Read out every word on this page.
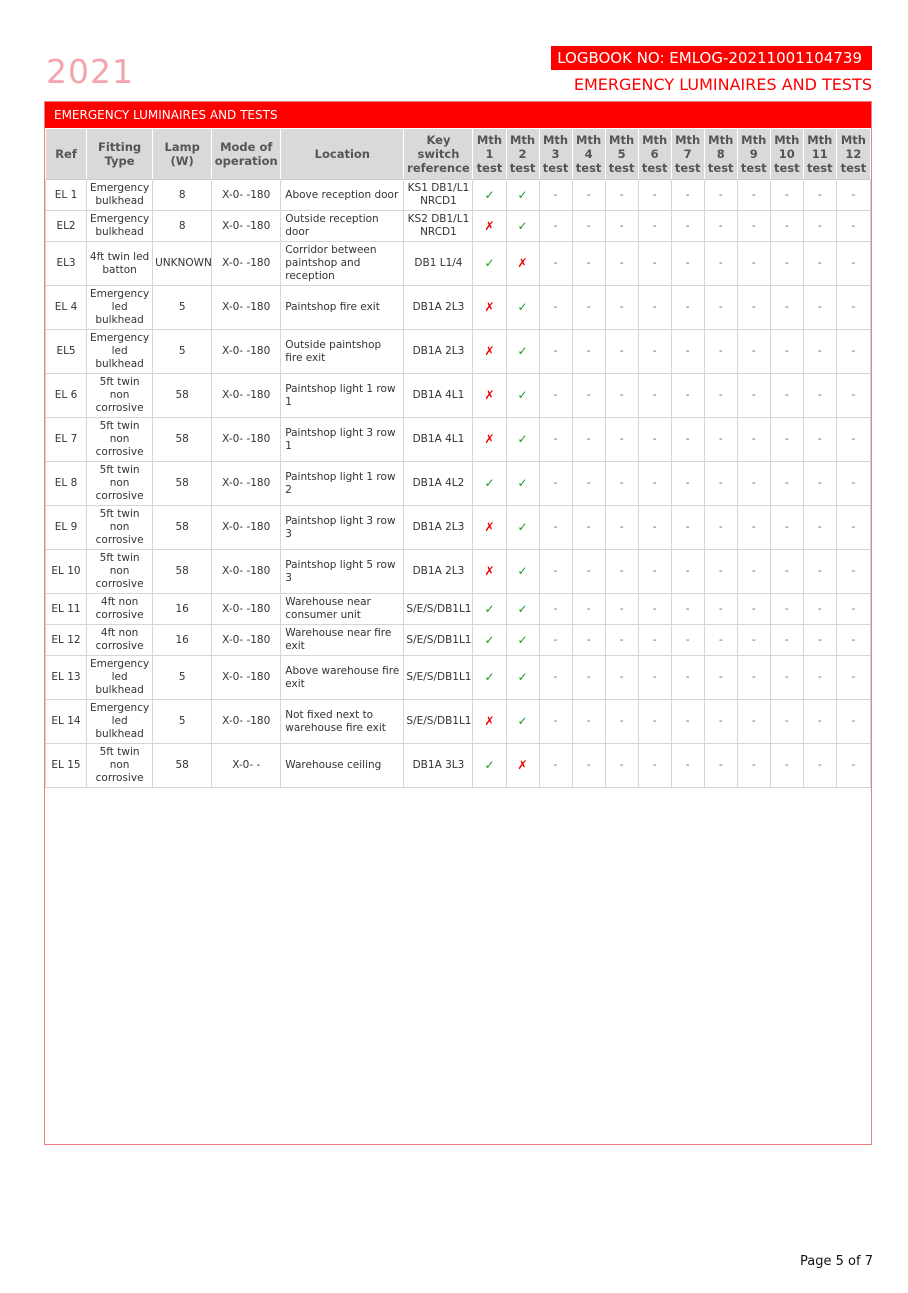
2021	LOGBOOK NO: EMLOG-20211001104739
EMERGENCY LUMINAIRES AND TESTS
EMERGENCY LUMINAIRES AND TESTS
Ref	Fitting Type	Lamp (W)	Mode of operation	Location	Key switch reference	Mth 1 test	Mth 2 test	Mth 3 test	Mth 4 test	Mth 5 test	Mth 6 test	Mth 7 test	Mth 8 test	Mth 9 test	Mth 10 test	Mth 11 test	Mth 12 test
EL 1	Emergency bulkhead	8	X-0- -180	Above reception door	KS1 DB1/L1 NRCD1	✓	✓	-	-	-	-	-	-	-	-	-	-
EL2	Emergency bulkhead	8	X-0- -180	Outside reception door	KS2 DB1/L1 NRCD1	✗	✓	-	-	-	-	-	-	-	-	-	-
EL3	4ft twin led batton	UNKNOWN	X-0- -180	Corridor between paintshop and reception	DB1 L1/4	✓	✗	-	-	-	-	-	-	-	-	-	-
EL 4	Emergency led bulkhead	5	X-0- -180	Paintshop fire exit	DB1A 2L3	✗	✓	-	-	-	-	-	-	-	-	-	-
EL5	Emergency led bulkhead	5	X-0- -180	Outside paintshop fire exit	DB1A 2L3	✗	✓	-	-	-	-	-	-	-	-	-	-
EL 6	5ft twin non corrosive	58	X-0- -180	Paintshop light 1 row 1	DB1A 4L1	✗	✓	-	-	-	-	-	-	-	-	-	-
EL 7	5ft twin non corrosive	58	X-0- -180	Paintshop light 3 row 1	DB1A 4L1	✗	✓	-	-	-	-	-	-	-	-	-	-
EL 8	5ft twin non corrosive	58	X-0- -180	Paintshop light 1 row 2	DB1A 4L2	✓	✓	-	-	-	-	-	-	-	-	-	-
EL 9	5ft twin non corrosive	58	X-0- -180	Paintshop light 3 row 3	DB1A 2L3	✗	✓	-	-	-	-	-	-	-	-	-	-
EL 10	5ft twin non corrosive	58	X-0- -180	Paintshop light 5 row 3	DB1A 2L3	✗	✓	-	-	-	-	-	-	-	-	-	-
EL 11	4ft non corrosive	16	X-0- -180	Warehouse near consumer unit	S/E/S/DB1L1	✓	✓	-	-	-	-	-	-	-	-	-	-
EL 12	4ft non corrosive	16	X-0- -180	Warehouse near fire exit	S/E/S/DB1L1	✓	✓	-	-	-	-	-	-	-	-	-	-
EL 13	Emergency led bulkhead	5	X-0- -180	Above warehouse fire exit	S/E/S/DB1L1	✓	✓	-	-	-	-	-	-	-	-	-	-
EL 14	Emergency led bulkhead	5	X-0- -180	Not fixed next to warehouse fire exit	S/E/S/DB1L1	✗	✓	-	-	-	-	-	-	-	-	-	-
EL 15	5ft twin non corrosive	58	X-0- -	Warehouse ceiling	DB1A 3L3	✓	✗	-	-	-	-	-	-	-	-	-	-
Page 5 of 7
